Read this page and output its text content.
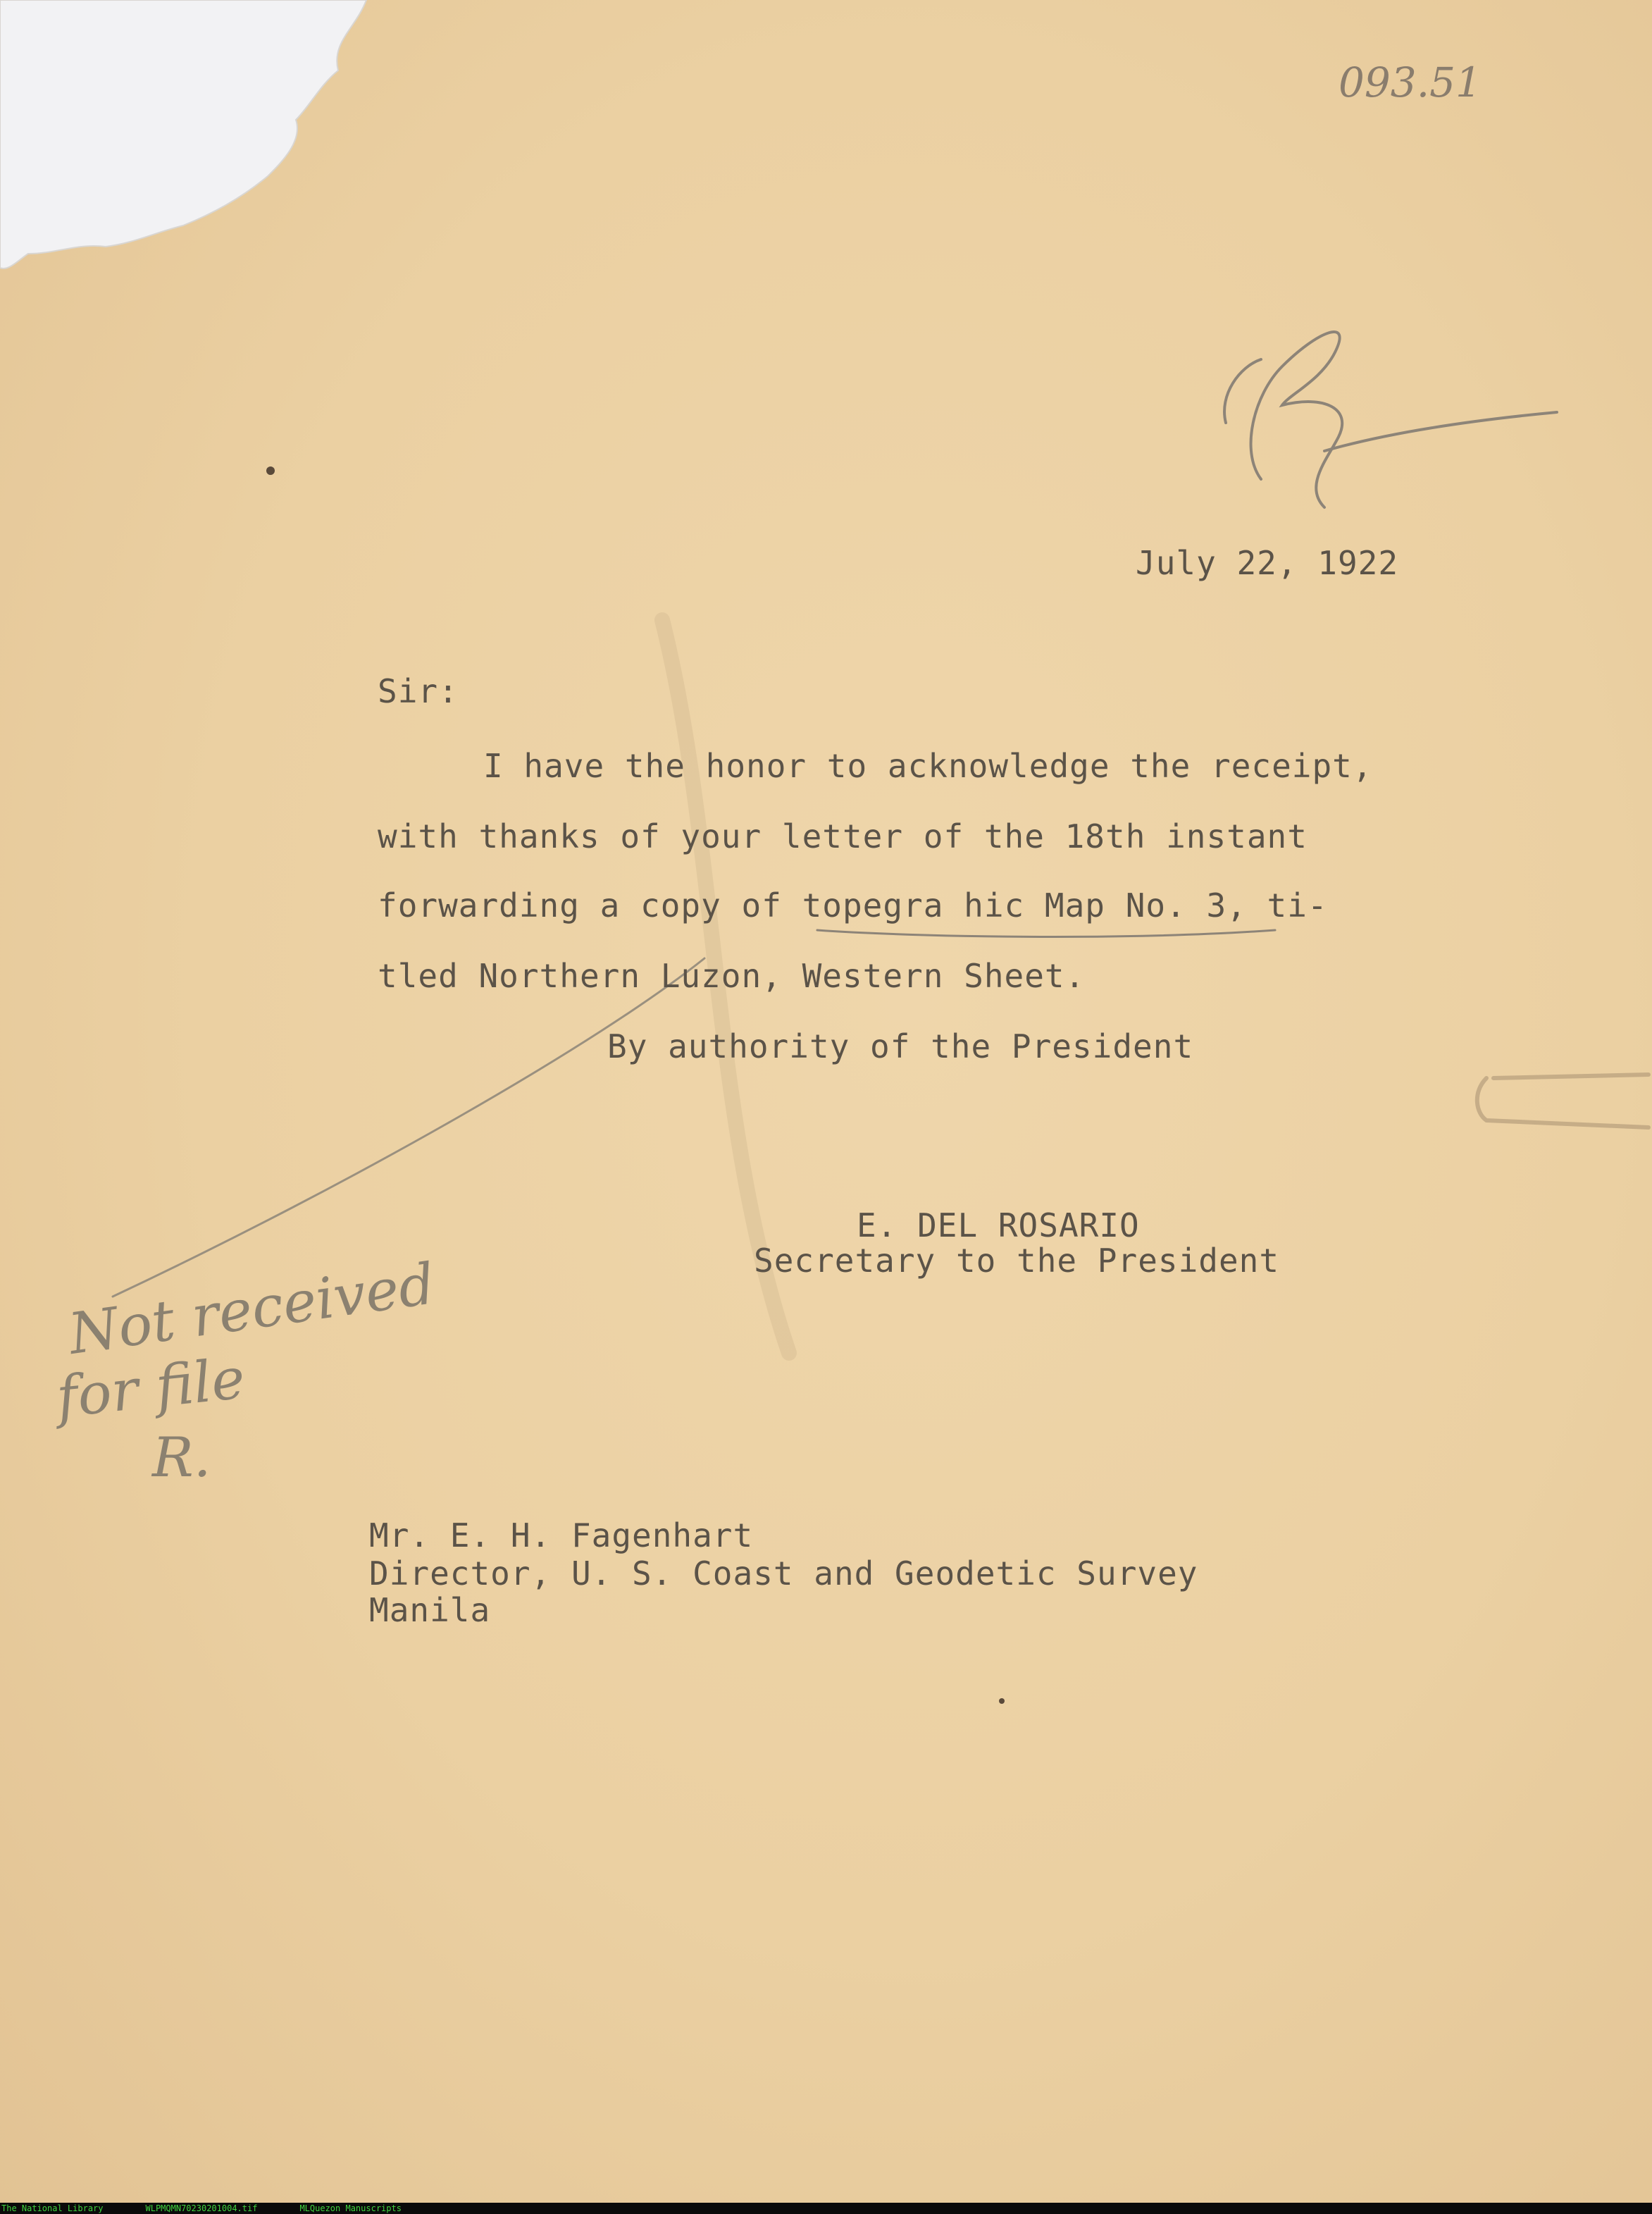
093.51

July 22, 1922

Sir:

I have the honor to acknowledge the receipt,

with thanks of your letter of the 18th instant

forwarding a copy of topegra hic Map No. 3, ti-

tled Northern Luzon, Western Sheet.

By authority of the President

E. DEL ROSARIO

Secretary to the President

Not received

for file

R.

Mr. E. H. Fagenhart

Director, U. S. Coast and Geodetic Survey

Manila

The National Library	WLPMQMN70230201004.tif	MLQuezon Manuscripts
